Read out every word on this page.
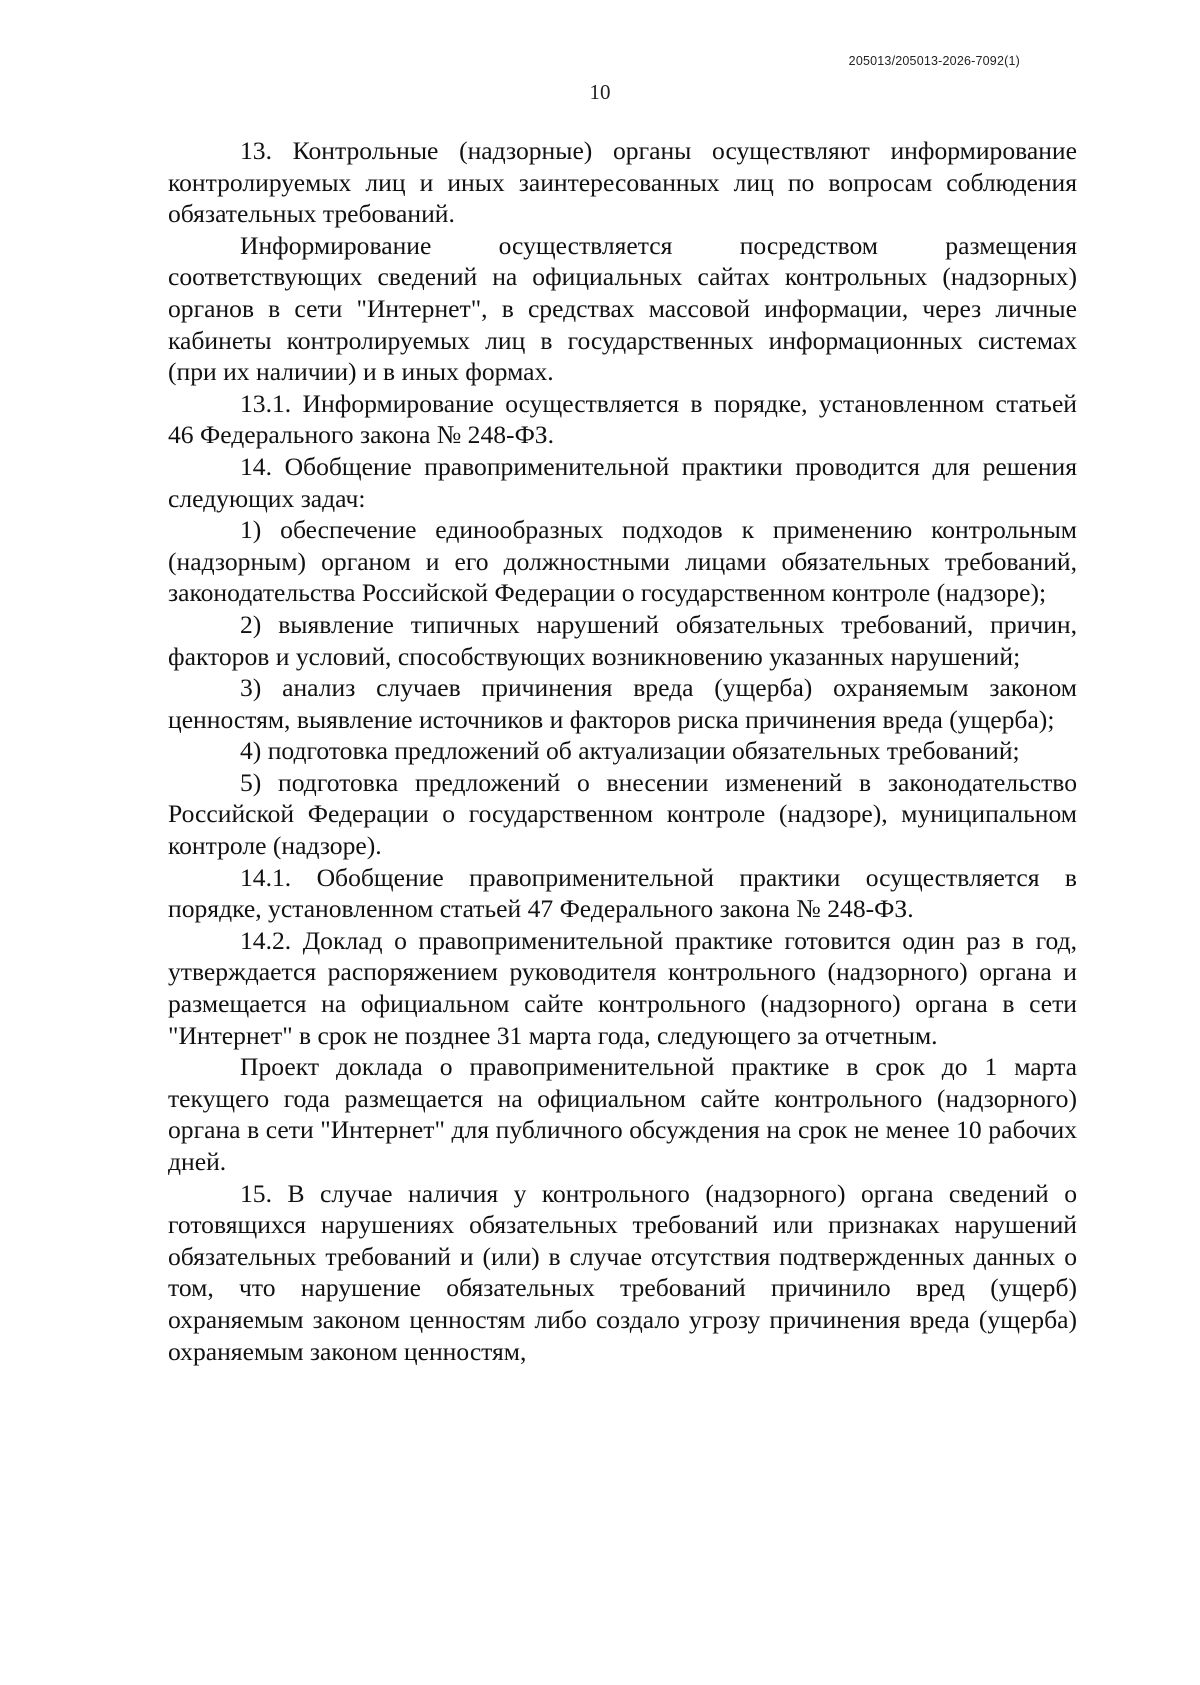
205013/205013-2026-7092(1)
10

13. Контрольные (надзорные) органы осуществляют информирование контролируемых лиц и иных заинтересованных лиц по вопросам соблюдения обязательных требований.

Информирование осуществляется посредством размещения соответствующих сведений на официальных сайтах контрольных (надзорных) органов в сети "Интернет", в средствах массовой информации, через личные кабинеты контролируемых лиц в государственных информационных системах (при их наличии) и в иных формах.

13.1. Информирование осуществляется в порядке, установленном статьей 46 Федерального закона № 248-ФЗ.

14. Обобщение правоприменительной практики проводится для решения следующих задач:

1) обеспечение единообразных подходов к применению контрольным (надзорным) органом и его должностными лицами обязательных требований, законодательства Российской Федерации о государственном контроле (надзоре);

2) выявление типичных нарушений обязательных требований, причин, факторов и условий, способствующих возникновению указанных нарушений;

3) анализ случаев причинения вреда (ущерба) охраняемым законом ценностям, выявление источников и факторов риска причинения вреда (ущерба);

4) подготовка предложений об актуализации обязательных требований;

5) подготовка предложений о внесении изменений в законодательство Российской Федерации о государственном контроле (надзоре), муниципальном контроле (надзоре).

14.1. Обобщение правоприменительной практики осуществляется в порядке, установленном статьей 47 Федерального закона № 248-ФЗ.

14.2. Доклад о правоприменительной практике готовится один раз в год, утверждается распоряжением руководителя контрольного (надзорного) органа и размещается на официальном сайте контрольного (надзорного) органа в сети "Интернет" в срок не позднее 31 марта года, следующего за отчетным.

Проект доклада о правоприменительной практике в срок до 1 марта текущего года размещается на официальном сайте контрольного (надзорного) органа в сети "Интернет" для публичного обсуждения на срок не менее 10 рабочих дней.

15. В случае наличия у контрольного (надзорного) органа сведений о готовящихся нарушениях обязательных требований или признаках нарушений обязательных требований и (или) в случае отсутствия подтвержденных данных о том, что нарушение обязательных требований причинило вред (ущерб) охраняемым законом ценностям либо создало угрозу причинения вреда (ущерба) охраняемым законом ценностям,
